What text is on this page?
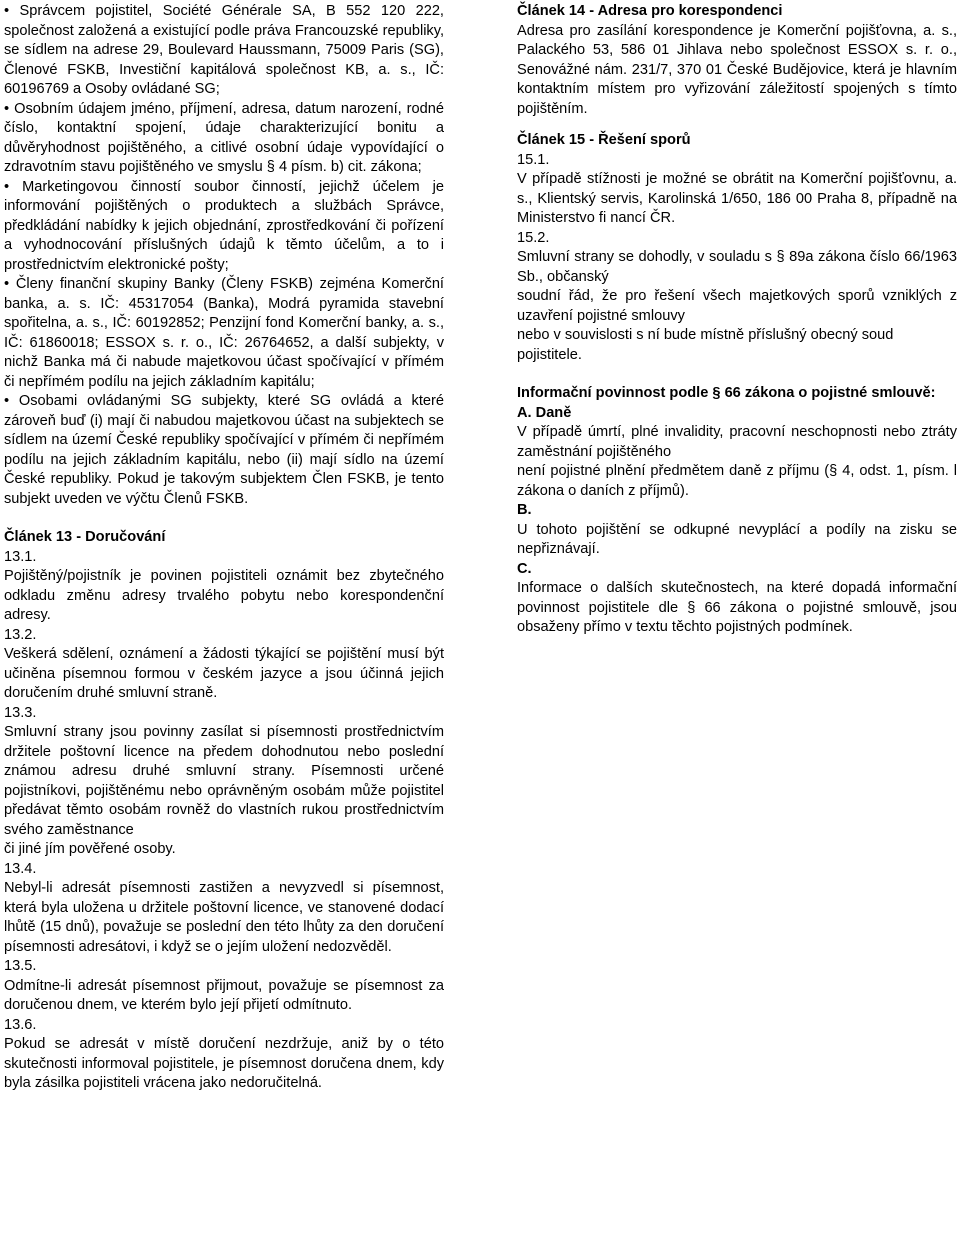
• Správcem pojistitel, Société Générale SA, B 552 120 222, společnost založená a existující podle práva Francouzské republiky, se sídlem na adrese 29, Boulevard Haussmann, 75009 Paris (SG), Členové FSKB, Investiční kapitálová společnost KB, a. s., IČ: 60196769 a Osoby ovládané SG;

• Osobním údajem jméno, příjmení, adresa, datum narození, rodné číslo, kontaktní spojení, údaje charakterizující bonitu a důvěryhodnost pojištěného, a citlivé osobní údaje vypovídající o zdravotním stavu pojištěného ve smyslu § 4 písm. b) cit. zákona;

• Marketingovou činností soubor činností, jejichž účelem je informování pojištěných o produktech a službách Správce, předkládání nabídky k jejich objednání, zprostředkování či pořízení a vyhodnocování příslušných údajů k těmto účelům, a to i prostřednictvím elektronické pošty;

• Členy finanční skupiny Banky (Členy FSKB) zejména Komerční banka, a. s. IČ: 45317054 (Banka), Modrá pyramida stavební spořitelna, a. s., IČ: 60192852; Penzijní fond Komerční banky, a. s., IČ: 61860018; ESSOX s. r. o., IČ: 26764652, a další subjekty, v nichž Banka má či nabude majetkovou účast spočívající v přímém či nepřímém podílu na jejich základním kapitálu;

• Osobami ovládanými SG subjekty, které SG ovládá a které zároveň buď (i) mají či nabudou majetkovou účast na subjektech se sídlem na území České republiky spočívající v přímém či nepřímém podílu na jejich základním kapitálu, nebo (ii) mají sídlo na území České republiky. Pokud je takovým subjektem Člen FSKB, je tento subjekt uveden ve výčtu Členů FSKB.

Článek 13 - Doručování

13.1.

Pojištěný/pojistník je povinen pojistiteli oznámit bez zbytečného odkladu změnu adresy trvalého pobytu nebo korespondenční adresy.

13.2.

Veškerá sdělení, oznámení a žádosti týkající se pojištění musí být učiněna písemnou formou v českém jazyce a jsou účinná jejich doručením druhé smluvní straně.

13.3.

Smluvní strany jsou povinny zasílat si písemnosti prostřednictvím držitele poštovní licence na předem dohodnutou nebo poslední známou adresu druhé smluvní strany. Písemnosti určené pojistníkovi, pojištěnému nebo oprávněným osobám může pojistitel předávat těmto osobám rovněž do vlastních rukou prostřednictvím svého zaměstnance

či jiné jím pověřené osoby.

13.4.

Nebyl-li adresát písemnosti zastižen a nevyzvedl si písemnost, která byla uložena u držitele poštovní licence, ve stanovené dodací lhůtě (15 dnů), považuje se poslední den této lhůty za den doručení písemnosti adresátovi, i když se o jejím uložení nedozvěděl.

13.5.

Odmítne-li adresát písemnost přijmout, považuje se písemnost za doručenou dnem, ve kterém bylo její přijetí odmítnuto.

13.6.

Pokud se adresát v místě doručení nezdržuje, aniž by o této skutečnosti informoval pojistitele, je písemnost doručena dnem, kdy byla zásilka pojistiteli vrácena jako nedoručitelná.

Článek 14 - Adresa pro korespondenci

Adresa pro zasílání korespondence je Komerční pojišťovna, a. s., Palackého 53, 586 01 Jihlava nebo společnost ESSOX s. r. o., Senovážné nám. 231/7, 370 01 České Budějovice, která je hlavním kontaktním místem pro vyřizování záležitostí spojených s tímto pojištěním.

Článek 15 - Řešení sporů

15.1.

V případě stížnosti je možné se obrátit na Komerční pojišťovnu, a. s., Klientský servis, Karolinská 1/650, 186 00 Praha 8, případně na Ministerstvo fi nancí ČR.

15.2.

Smluvní strany se dohodly, v souladu s § 89a zákona číslo 66/1963 Sb., občanský

soudní řád, že pro řešení všech majetkových sporů vzniklých z uzavření pojistné smlouvy

nebo v souvislosti s ní bude místně příslušný obecný soud pojistitele.

Informační povinnost podle § 66 zákona o pojistné smlouvě:

A. Daně

V případě úmrtí, plné invalidity, pracovní neschopnosti nebo ztráty zaměstnání pojištěného

není pojistné plnění předmětem daně z příjmu (§ 4, odst. 1, písm. l zákona o daních z příjmů).

B.

U tohoto pojištění se odkupné nevyplácí a podíly na zisku se nepřiznávají.

C.

Informace o dalších skutečnostech, na které dopadá informační povinnost pojistitele dle § 66 zákona o pojistné smlouvě, jsou obsaženy přímo v textu těchto pojistných podmínek.
